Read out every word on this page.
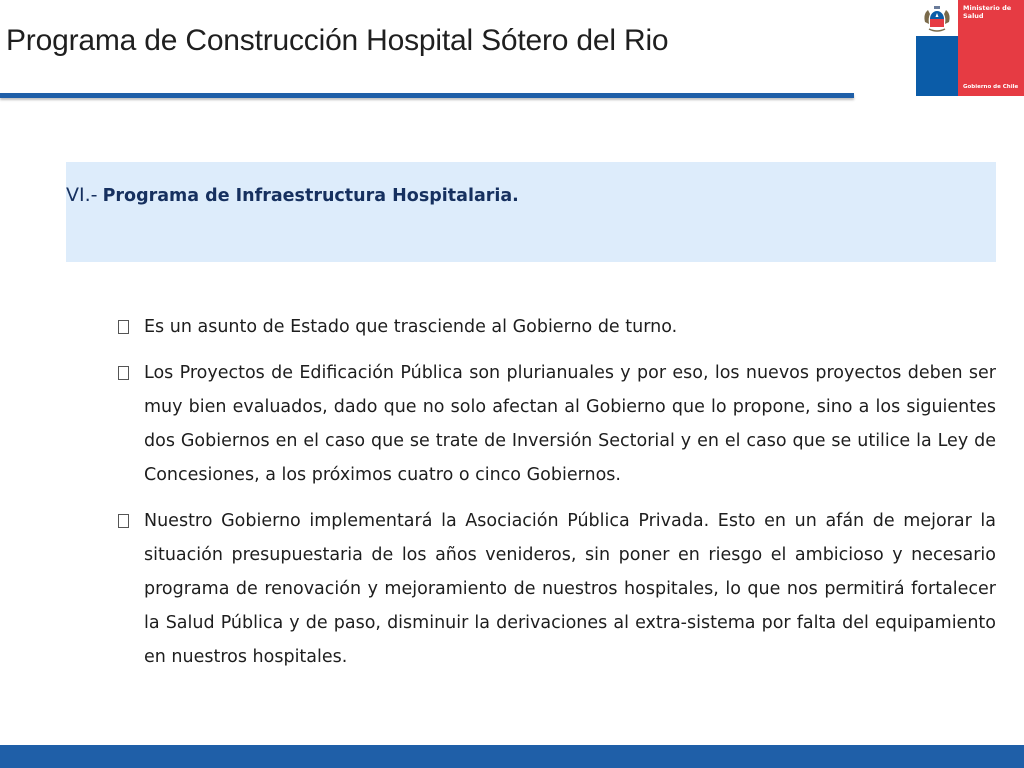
Programa de Construcción Hospital Sótero del Rio
Ministerio de Salud
Gobierno de Chile
VI.- Programa de Infraestructura Hospitalaria.
Es un asunto de Estado que trasciende al Gobierno de turno.
Los Proyectos de Edificación Pública son plurianuales y por eso, los nuevos proyectos deben ser muy bien evaluados, dado que no solo afectan al Gobierno que lo propone, sino a los siguientes dos Gobiernos en el caso que se trate de Inversión Sectorial y en el caso que se utilice la Ley de Concesiones, a los próximos cuatro o cinco Gobiernos.
Nuestro Gobierno implementará la Asociación Pública Privada. Esto en un afán de mejorar la situación presupuestaria de los años venideros, sin poner en riesgo el ambicioso y necesario programa de renovación y mejoramiento de nuestros hospitales, lo que nos permitirá fortalecer la Salud Pública y de paso, disminuir la derivaciones al extra-sistema por falta del equipamiento en nuestros hospitales.
